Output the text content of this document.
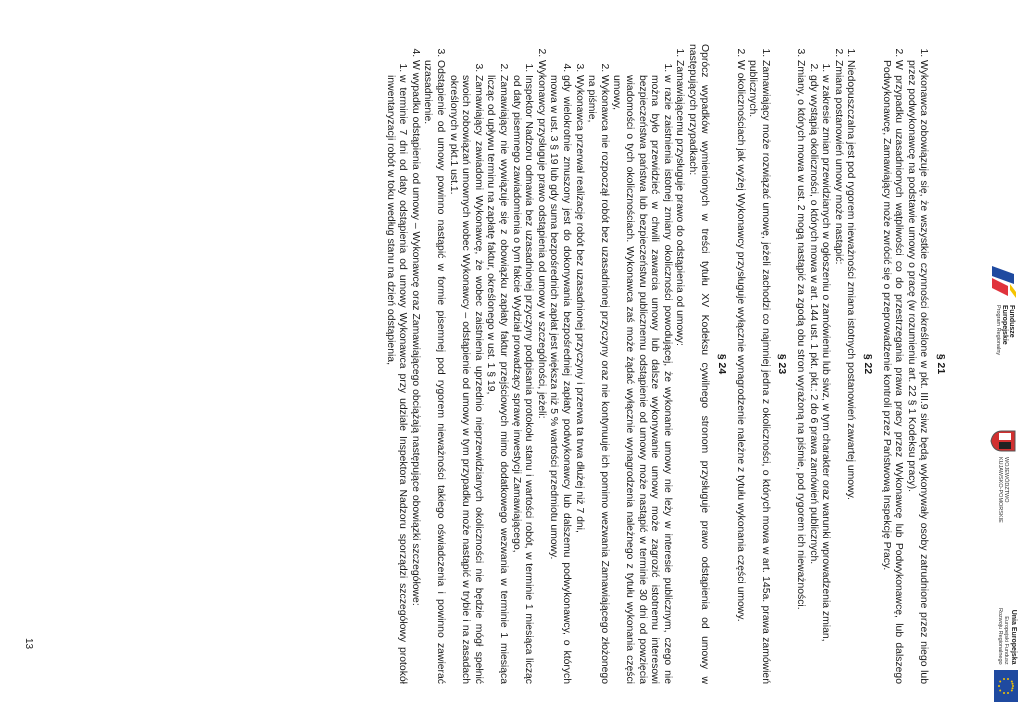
Fundusze
Europejskie
Program Regionalny
WOJEWÓDZTWO
KUJAWSKO-POMORSKIE
Unia Europejska
Europejski Fundusz
Rozwoju Regionalnego
§ 21
1. Wykonawca zobowiązuje się, że wszystkie czynności określone w pkt. III.9 siwz będą wykonywały osoby zatrudnione przez niego lub przez podwykonawcę na podstawie umowy o pracę (w rozumieniu art. 22 § 1 Kodeksu pracy).
2. W przypadku uzasadnionych wątpliwości co do przestrzegania prawa pracy przez Wykonawcę lub Podwykonawcę, lub dalszego Podwykonawcę, Zamawiający może zwrócić się o przeprowadzenie kontroli przez Państwową Inspekcję Pracy.
§ 22
1. Niedopuszczalna jest pod rygorem nieważności zmiana istotnych postanowień zawartej umowy.
2. Zmiana postanowień umowy może nastąpić:
1. w zakresie zmian przewidzianych w ogłoszeniu o zamówieniu lub siwz, w tym charakter oraz warunki wprowadzenia zmian,
2. gdy wystąpią okoliczności, o których mowa w art. 144 ust. 1 pkt. pkt.: 2 do 6 prawa zamówień publicznych.
3. Zmiany, o których mowa w ust. 2 mogą nastąpić za zgodą obu stron wyrażoną na piśmie, pod rygorem ich nieważności.
§ 23
1. Zamawiający może rozwiązać umowę, jeżeli zachodzi co najmniej jedna z okoliczności, o których mowa w art. 145a. prawa zamówień publicznych.
2. W okolicznościach jak wyżej Wykonawcy przysługuje wyłącznie wynagrodzenie należne z tytułu wykonania części umowy.
§ 24

Oprócz wypadków wymienionych w treści tytułu XV Kodeksu cywilnego stronom przysługuje prawo odstąpienia od umowy w następujących przypadkach:

1. Zamawiającemu przysługuje prawo do odstąpienia od umowy:
1. w razie zaistnienia istotnej zmiany okoliczności powodującej, że wykonanie umowy nie leży w interesie publicznym, czego nie można było przewidzieć w chwili zawarcia umowy lub dalsze wykonywanie umowy może zagrozić istotnemu interesowi bezpieczeństwa państwa lub bezpieczeństwu publicznemu odstąpienie od umowy może nastąpić w terminie 30 dni od powzięcia wiadomości o tych okolicznościach. Wykonawca zaś może żądać wyłącznie wynagrodzenia należnego z tytułu wykonania części umowy,
2. Wykonawca nie rozpoczął robót bez uzasadnionej przyczyny oraz nie kontynuuje ich pomimo wezwania Zamawiającego złożonego na piśmie,
3. Wykonawca przerwał realizację robót bez uzasadnionej przyczyny i przerwa ta trwa dłużej niż 7 dni,
4. gdy wielokrotnie zmuszony jest do dokonywania bezpośredniej zapłaty podwykonawcy lub dalszemu podwykonawcy, o których mowa w ust. 3 § 19 lub gdy suma bezpośrednich zapłat jest większa niż 5 % wartości przedmiotu umowy.
2. Wykonawcy przysługuje prawo odstąpienia od umowy w szczególności, jeżeli:
1. Inspektor Nadzoru odmawia bez uzasadnionej przyczyny podpisania protokołu stanu i wartości robót, w terminie 1 miesiąca licząc od daty pisemnego zawiadomienia o tym fakcie Wydział prowadzący sprawę inwestycji Zamawiającego,
2. Zamawiający nie wywiązuje się z obowiązku zapłaty faktur przejściowych mimo dodatkowego wezwania w terminie 1 miesiąca licząc od upływu terminu na zapłatę faktur, określonego w ust. 1 § 19,
3. Zamawiający zawiadomi Wykonawcę, że wobec zaistnienia uprzednio nieprzewidzianych okoliczności nie będzie mógł spełnić swoich zobowiązań umownych wobec Wykonawcy – odstąpienie od umowy w tym przypadku może nastąpić w trybie i na zasadach określonych w pkt.1 ust.1.
3. Odstąpienie od umowy powinno nastąpić w formie pisemnej pod rygorem nieważności takiego oświadczenia i powinno zawierać uzasadnienie.
4. W wypadku odstąpienia od umowy – Wykonawcę oraz Zamawiającego obciążają następujące obowiązki szczegółowe:
1. w terminie 7 dni od daty odstąpienia od umowy Wykonawca przy udziale Inspektora Nadzoru sporządzi szczegółowy protokół inwentaryzacji robót w toku według stanu na dzień odstąpienia,
13
